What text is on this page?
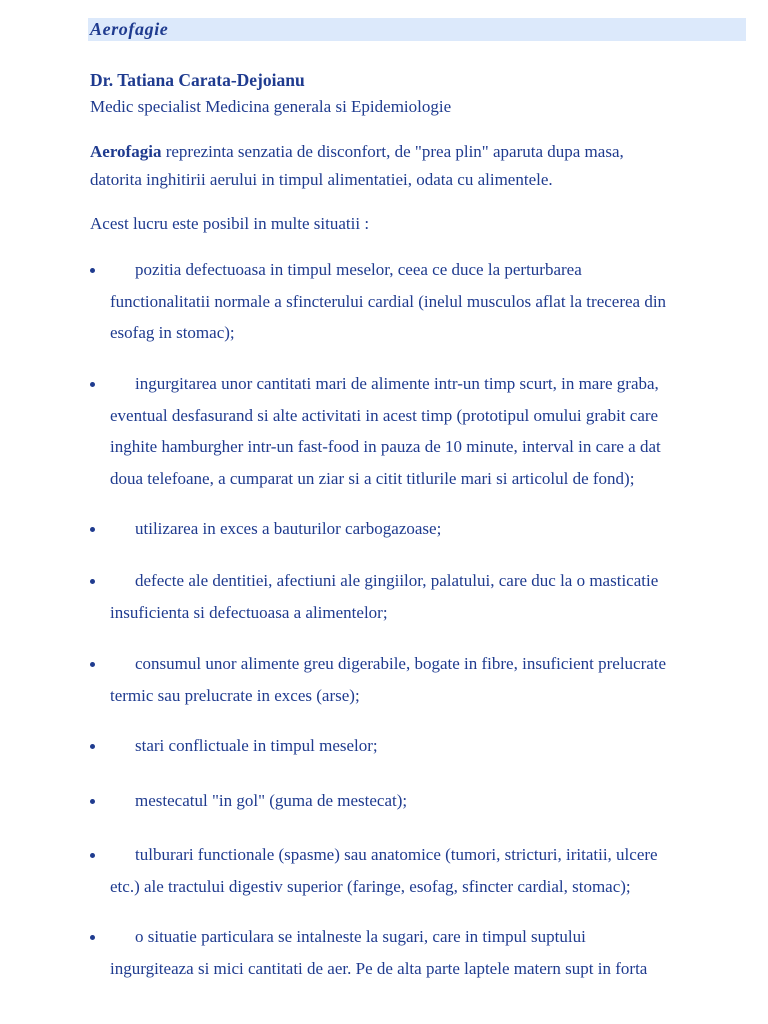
Aerofagie
Dr. Tatiana Carata-Dejoianu
Medic specialist Medicina generala si Epidemiologie
Aerofagia reprezinta senzatia de disconfort, de "prea plin" aparuta dupa masa,
datorita inghitirii aerului in timpul alimentatiei, odata cu alimentele.
Acest lucru este posibil in multe situatii :
pozitia defectuoasa in timpul meselor, ceea ce duce la perturbarea
functionalitatii normale a sfincterului cardial (inelul musculos aflat la trecerea din
esofag in stomac);
ingurgitarea unor cantitati mari de alimente intr-un timp scurt, in mare graba,
eventual desfasurand si alte activitati in acest timp (prototipul omului grabit care
inghite hamburgher intr-un fast-food in pauza de 10 minute, interval in care a dat
doua telefoane, a cumparat un ziar si a citit titlurile mari si articolul de fond);
utilizarea in exces a bauturilor carbogazoase;
defecte ale dentitiei, afectiuni ale gingiilor, palatului, care duc la o masticatie
insuficienta si defectuoasa a alimentelor;
consumul unor alimente greu digerabile, bogate in fibre, insuficient prelucrate
termic sau prelucrate in exces (arse);
stari conflictuale in timpul meselor;
mestecatul "in gol" (guma de mestecat);
tulburari functionale (spasme) sau anatomice (tumori, stricturi, iritatii, ulcere
etc.) ale tractului digestiv superior (faringe, esofag, sfincter cardial, stomac);
o situatie particulara se intalneste la sugari, care in timpul suptului
ingurgiteaza si mici cantitati de aer. Pe de alta parte laptele matern supt in forta
